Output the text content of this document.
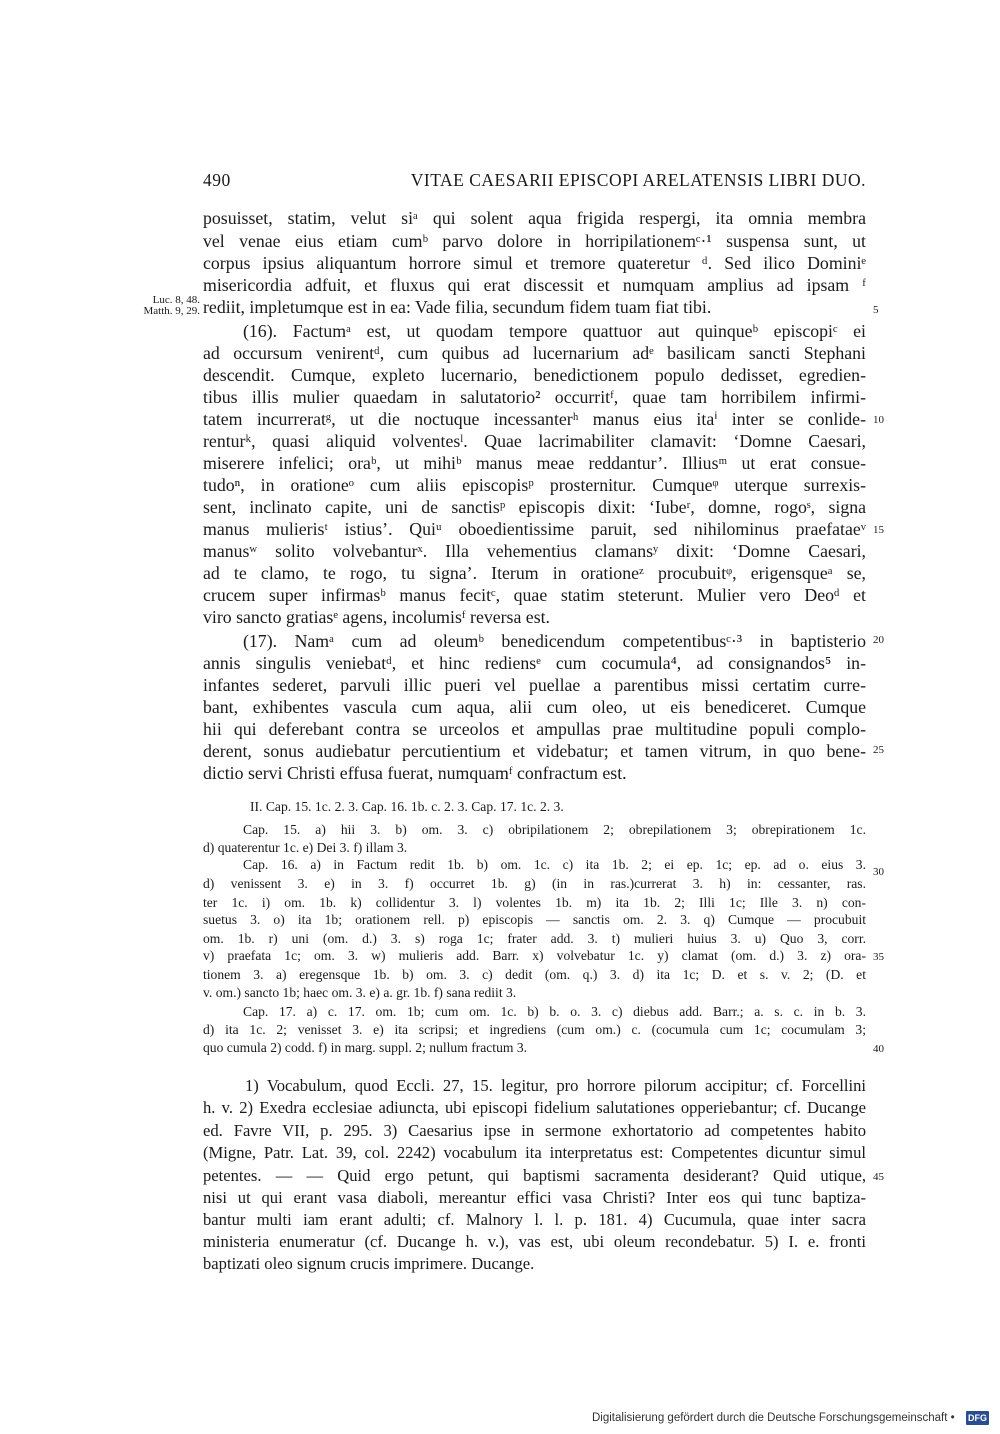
490	VITAE CAESARII EPISCOPI ARELATENSIS LIBRI DUO.
Luc. 8, 48.
Matth. 9, 29.
posuisset, statim, velut siᵃ qui solent aqua frigida respergi, ita omnia membra
vel venae eius etiam cumᵇ parvo dolore in horripilationemᶜ·¹ suspensa sunt, ut
corpus ipsius aliquantum horrore simul et tremore quateretur ᵈ. Sed ilico Dominiᵉ
misericordia adfuit, et fluxus qui erat discessit et numquam amplius ad ipsam ᶠ
rediit, impletumque est in ea: Vade filia, secundum fidem tuam fiat tibi.
(16). Factumᵃ est, ut quodam tempore quattuor aut quinqueᵇ episcopiᶜ ei
ad occursum venirentᵈ, cum quibus ad lucernarium adᵉ basilicam sancti Stephani
descendit. Cumque, expleto lucernario, benedictionem populo dedisset, egredien-
tibus illis mulier quaedam in salutatorio² occurritᶠ, quae tam horribilem infirmi-
tatem incurreratᵍ, ut die noctuque incessanterʰ manus eius itaⁱ inter se conlide-
renturᵏ, quasi aliquid volventesˡ. Quae lacrimabiliter clamavit: ‘Domne Caesari,
miserere infelici; oraᵇ, ut mihiᵇ manus meae reddantur’. Illiusᵐ ut erat consue-
tudoⁿ, in orationeᵒ cum aliis episcopisᵖ prosternitur. Cumqueᵠ uterque surrexis-
sent, inclinato capite, uni de sanctisᵖ episcopis dixit: ‘Iubeʳ, domne, rogoˢ, signa
manus mulierisᵗ istius’. Quiᵘ oboedientissime paruit, sed nihilominus praefataeᵛ
manusʷ solito volvebanturˣ. Illa vehementius clamansʸ dixit: ‘Domne Caesari,
ad te clamo, te rogo, tu signa’. Iterum in orationeᶻ procubuitᵠ, erigensqueᵃ se,
crucem super infirmasᵇ manus fecitᶜ, quae statim steterunt. Mulier vero Deoᵈ et
viro sancto gratiasᵉ agens, incolumisᶠ reversa est.
(17). Namᵃ cum ad oleumᵇ benedicendum competentibusᶜ·³ in baptisterio
annis singulis veniebatᵈ, et hinc rediensᵉ cum cocumula⁴, ad consignandos⁵ in-
infantes sederet, parvuli illic pueri vel puellae a parentibus missi certatim curre-
bant, exhibentes vascula cum aqua, alii cum oleo, ut eis benediceret. Cumque
hii qui deferebant contra se urceolos et ampullas prae multitudine populi complo-
derent, sonus audiebatur percutientium et videbatur; et tamen vitrum, in quo bene-
dictio servi Christi effusa fuerat, numquamᶠ confractum est.
II. Cap. 15. 1c. 2. 3. Cap. 16. 1b. c. 2. 3. Cap. 17. 1c. 2. 3.
Cap. 15. a) hii 3. b) om. 3. c) obripilationem 2; obrepilationem 3; obrepirationem 1c.
d) quaterentur 1c. e) Dei 3. f) illam 3.
Cap. 16. a) in Factum redit 1b. b) om. 1c. c) ita 1b. 2; ei ep. 1c; ep. ad o. eius 3.
d) venissent 3. e) in 3. f) occurret 1b. g) (in in ras.)currerat 3. h) in: cessanter, ras.
ter 1c. i) om. 1b. k) collidentur 3. l) volentes 1b. m) ita 1b. 2; Illi 1c; Ille 3. n) con-
suetus 3. o) ita 1b; orationem rell. p) episcopis — sanctis om. 2. 3. q) Cumque — procubuit
om. 1b. r) uni (om. d.) 3. s) roga 1c; frater add. 3. t) mulieri huius 3. u) Quo 3, corr.
v) praefata 1c; om. 3. w) mulieris add. Barr. x) volvebatur 1c. y) clamat (om. d.) 3. z) ora-
tionem 3. a) eregensque 1b. b) om. 3. c) dedit (om. q.) 3. d) ita 1c; D. et s. v. 2; (D. et
v. om.) sancto 1b; haec om. 3. e) a. gr. 1b. f) sana rediit 3.
Cap. 17. a) c. 17. om. 1b; cum om. 1c. b) b. o. 3. c) diebus add. Barr.; a. s. c. in b. 3.
d) ita 1c. 2; venisset 3. e) ita scripsi; et ingrediens (cum om.) c. (cocumula cum 1c; cocumulam 3;
quo cumula 2) codd. f) in marg. suppl. 2; nullum fractum 3.
1) Vocabulum, quod Eccli. 27, 15. legitur, pro horrore pilorum accipitur; cf. Forcellini
h. v. 2) Exedra ecclesiae adiuncta, ubi episcopi fidelium salutationes opperiebantur; cf. Ducange
ed. Favre VII, p. 295. 3) Caesarius ipse in sermone exhortatorio ad competentes habito
(Migne, Patr. Lat. 39, col. 2242) vocabulum ita interpretatus est: Competentes dicuntur simul
petentes. — — Quid ergo petunt, qui baptismi sacramenta desiderant? Quid utique,
nisi ut qui erant vasa diaboli, mereantur effici vasa Christi? Inter eos qui tunc baptiza-
bantur multi iam erant adulti; cf. Malnory l. l. p. 181. 4) Cucumula, quae inter sacra
ministeria enumeratur (cf. Ducange h. v.), vas est, ubi oleum recondebatur. 5) I. e. fronti
baptizati oleo signum crucis imprimere. Ducange.
5
10
15
20
25
30
35
40
45
Digitalisierung gefördert durch die Deutsche Forschungsgemeinschaft • DFG
